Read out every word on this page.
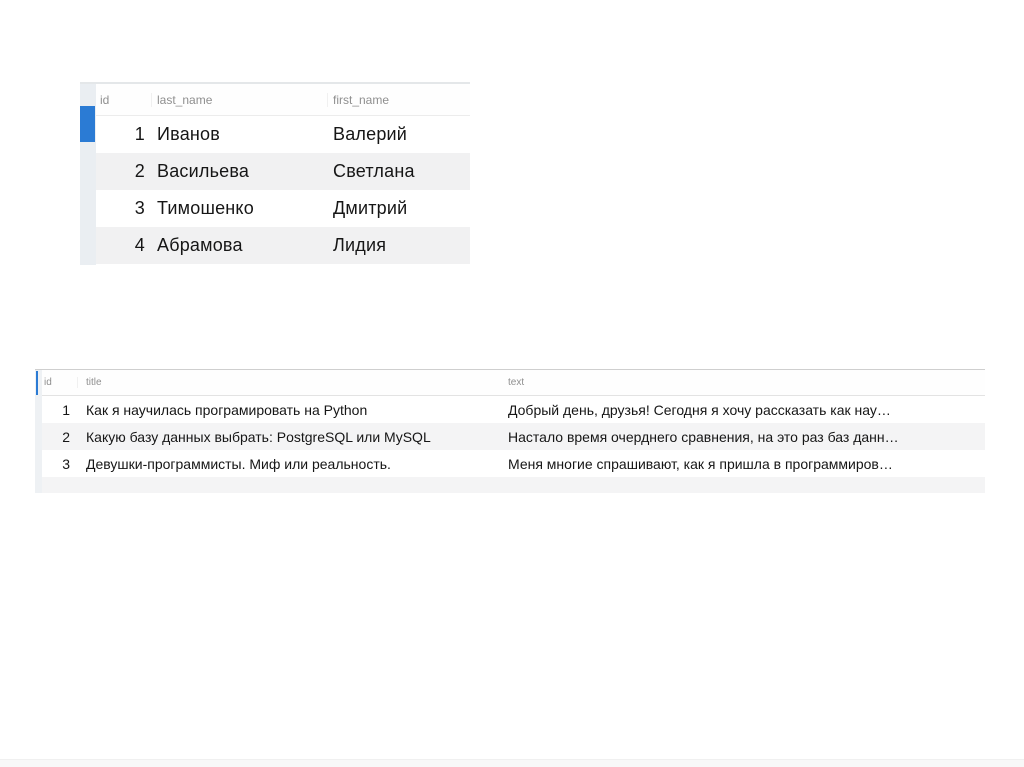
id	last_name	first_name
1 Иванов	Валерий
2 Васильева	Светлана
3 Тимошенко	Дмитрий
4 Абрамова	Лидия
id	title	text
1	Как я научилась програмировать на Python	Добрый день, друзья! Сегодня я хочу рассказать как нау…
2	Какую базу данных выбрать: PostgreSQL или MySQL	Настало время очерднего сравнения, на это раз баз данн…
3	Девушки-программисты. Миф или реальность.	Меня многие спрашивают, как я пришла в программиров…
